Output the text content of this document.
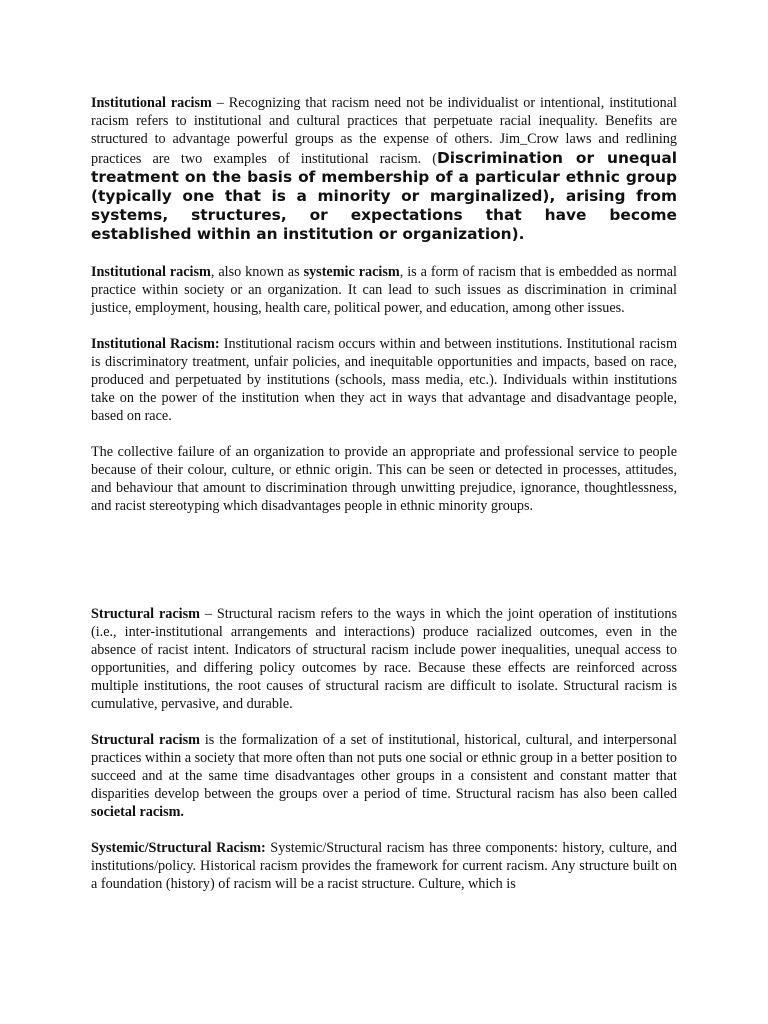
Institutional racism – Recognizing that racism need not be individualist or intentional, institutional racism refers to institutional and cultural practices that perpetuate racial inequality. Benefits are structured to advantage powerful groups as the expense of others. Jim_Crow laws and redlining practices are two examples of institutional racism. (Discrimination or unequal treatment on the basis of membership of a particular ethnic group (typically one that is a minority or marginalized), arising from systems, structures, or expectations that have become established within an institution or organization).

Institutional racism, also known as systemic racism, is a form of racism that is embedded as normal practice within society or an organization. It can lead to such issues as discrimination in criminal justice, employment, housing, health care, political power, and education, among other issues.

Institutional Racism: Institutional racism occurs within and between institutions. Institutional racism is discriminatory treatment, unfair policies, and inequitable opportunities and impacts, based on race, produced and perpetuated by institutions (schools, mass media, etc.). Individuals within institutions take on the power of the institution when they act in ways that advantage and disadvantage people, based on race.

The collective failure of an organization to provide an appropriate and professional service to people because of their colour, culture, or ethnic origin. This can be seen or detected in processes, attitudes, and behaviour that amount to discrimination through unwitting prejudice, ignorance, thoughtlessness, and racist stereotyping which disadvantages people in ethnic minority groups.

Structural racism – Structural racism refers to the ways in which the joint operation of institutions (i.e., inter-institutional arrangements and interactions) produce racialized outcomes, even in the absence of racist intent. Indicators of structural racism include power inequalities, unequal access to opportunities, and differing policy outcomes by race. Because these effects are reinforced across multiple institutions, the root causes of structural racism are difficult to isolate. Structural racism is cumulative, pervasive, and durable.

Structural racism is the formalization of a set of institutional, historical, cultural, and interpersonal practices within a society that more often than not puts one social or ethnic group in a better position to succeed and at the same time disadvantages other groups in a consistent and constant matter that disparities develop between the groups over a period of time. Structural racism has also been called societal racism.

Systemic/Structural Racism: Systemic/Structural racism has three components: history, culture, and institutions/policy. Historical racism provides the framework for current racism. Any structure built on a foundation (history) of racism will be a racist structure. Culture, which is
